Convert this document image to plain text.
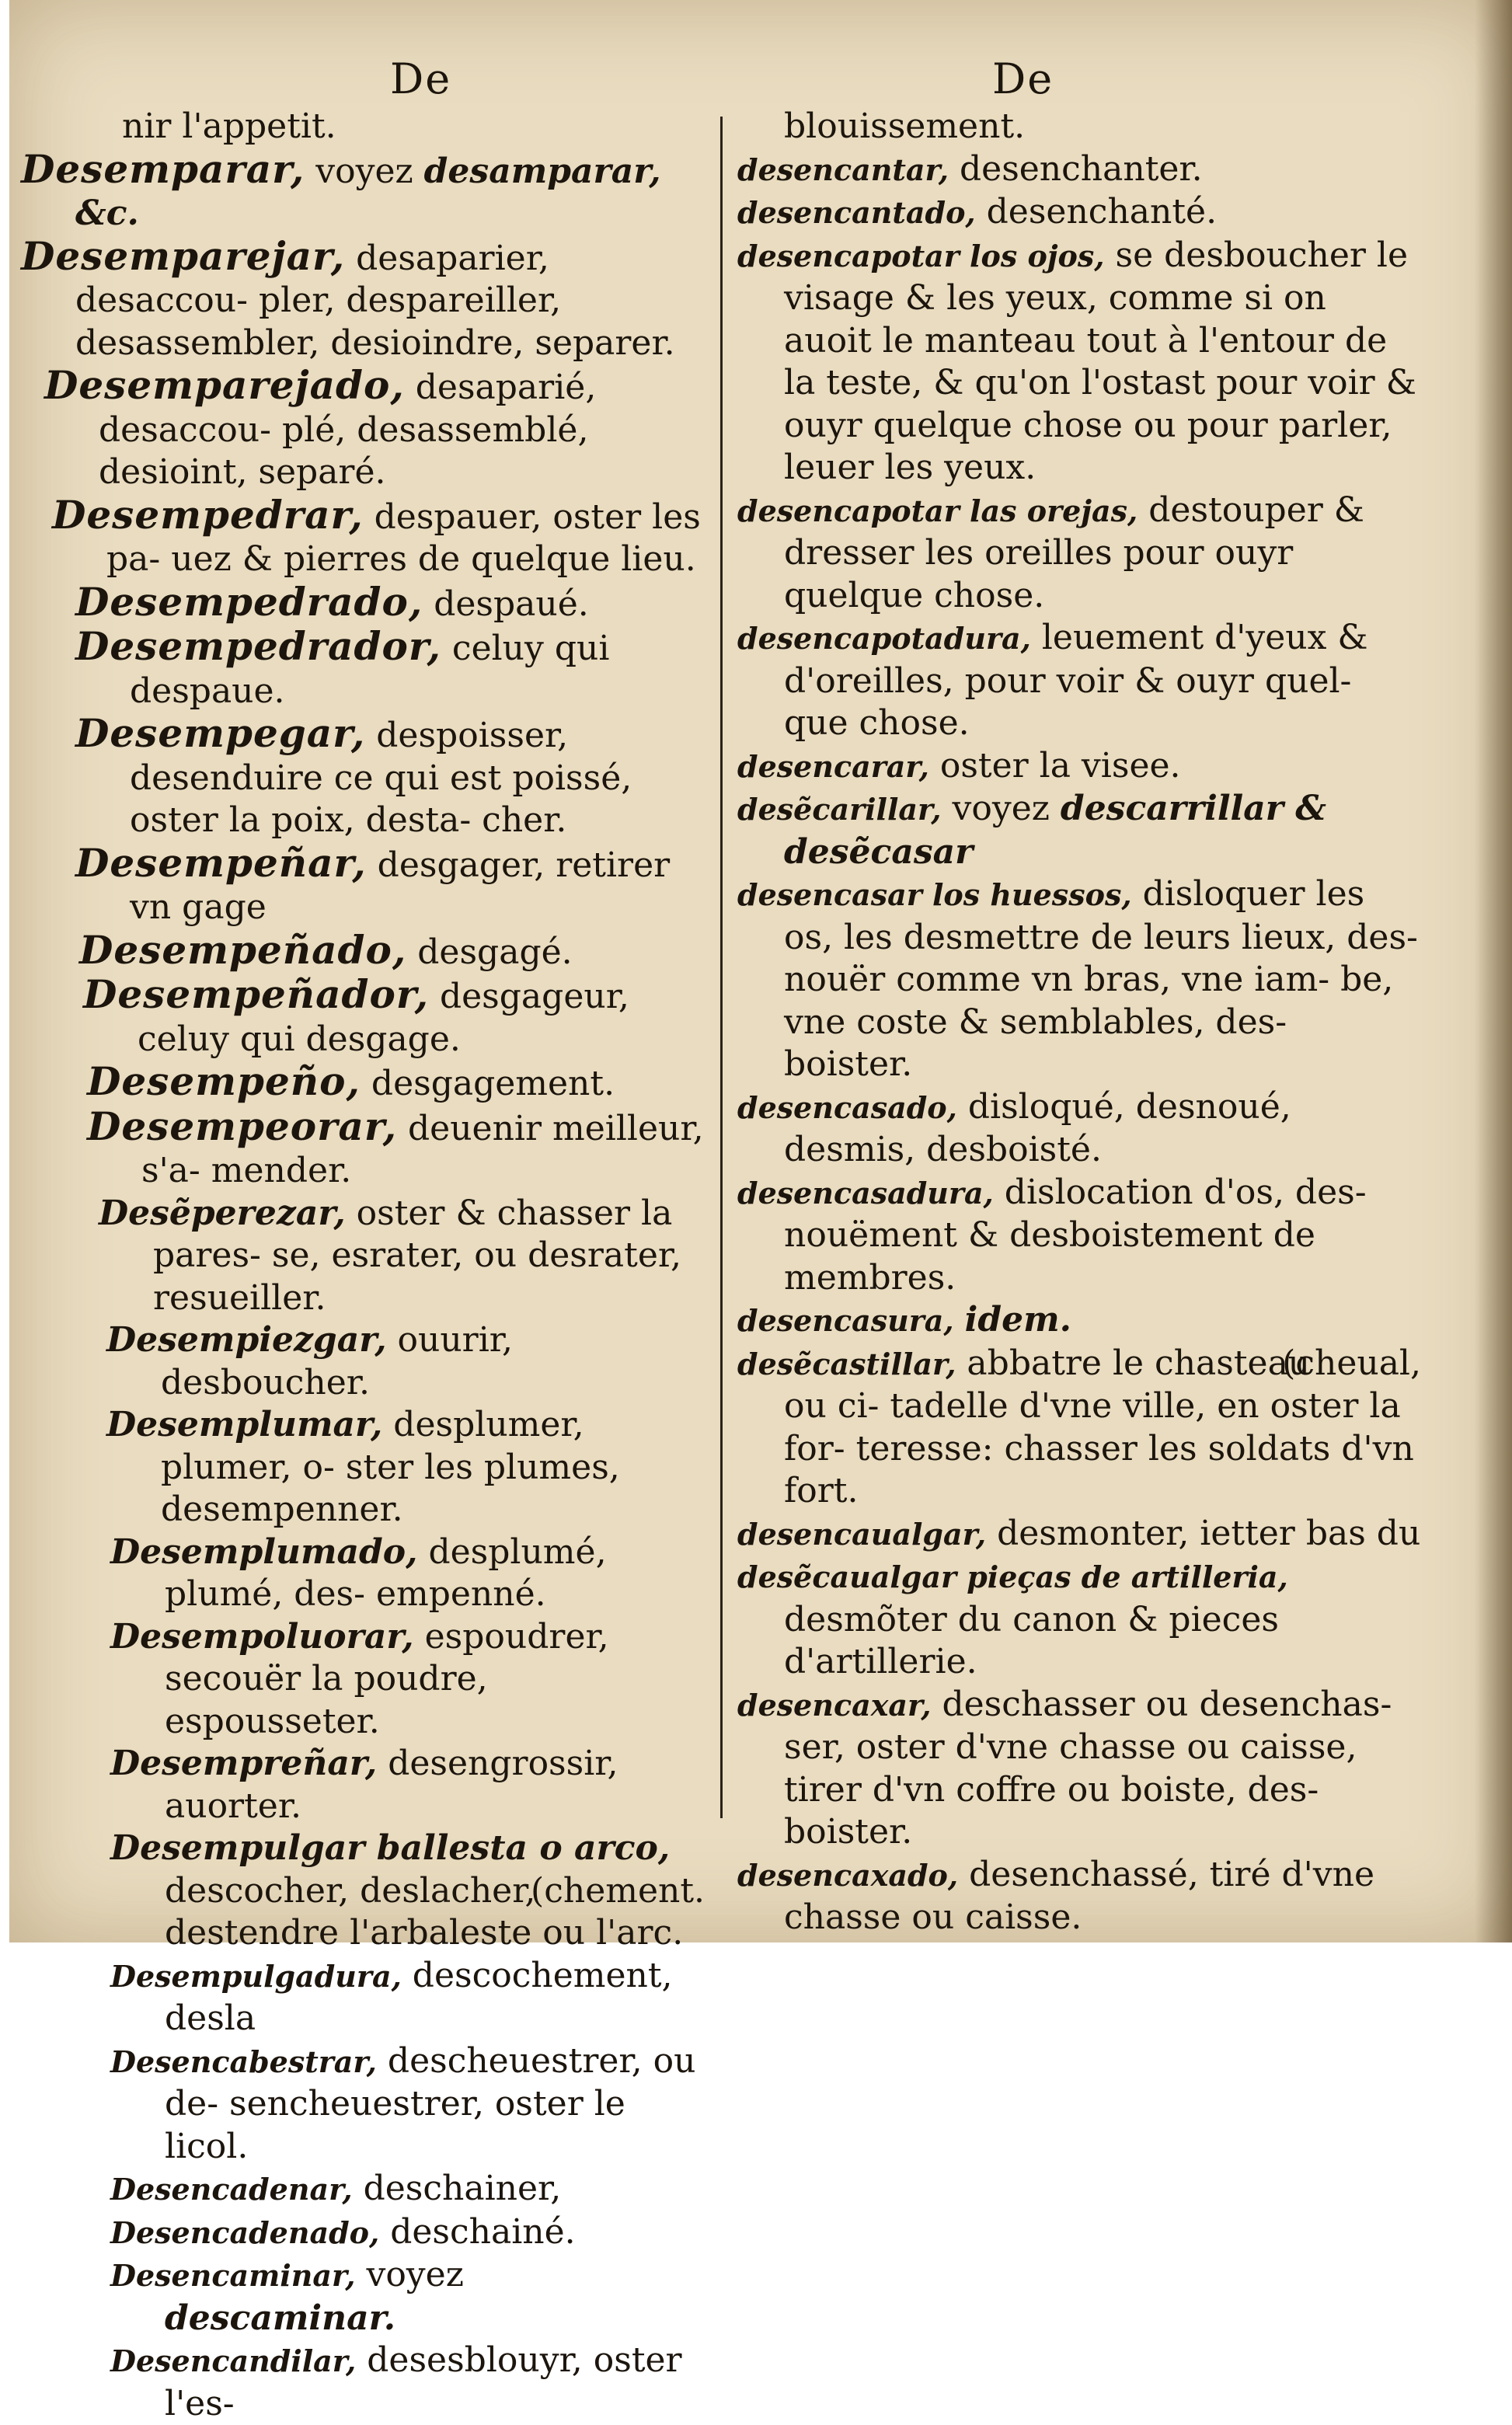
De	De

nir l'appetit.

Desemparar, voyez desamparar, &c.

Desemparejar, desaparier, desaccou- pler, despareiller, desassembler, desioindre, separer.

Desemparejado, desaparié, desaccou- plé, desassemblé, desioint, separé.

Desempedrar, despauer, oster les pa- uez & pierres de quelque lieu.

Desempedrado, despaué.

Desempedrador, celuy qui despaue.

Desempegar, despoisser, desenduire ce qui est poissé, oster la poix, desta- cher.

Desempeñar, desgager, retirer vn gage

Desempeñado, desgagé.

Desempeñador, desgageur, celuy qui desgage.

Desempeño, desgagement.

Desempeorar, deuenir meilleur, s'a- mender.

Desẽperezar, oster & chasser la pares- se, esrater, ou desrater, resueiller.

Desempiezgar, ouurir, desboucher.

Desemplumar, desplumer, plumer, o- ster les plumes, desempenner.

Desemplumado, desplumé, plumé, des- empenné.

Desempoluorar, espoudrer, secouër la poudre, espousseter.

Desempreñar, desengrossir, auorter.

Desempulgar ballesta o arco,
(chement.
descocher, deslacher, destendre l'arbaleste ou l'arc.

Desempulgadura, descochement, desla

Desencabestrar, descheuestrer, ou de- sencheuestrer, oster le licol.

Desencadenar, deschainer,

Desencadenado, deschainé.

Desencaminar, voyez descaminar.

Desencandilar, desesblouyr, oster l'es-

blouissement.

desencantar, desenchanter.

desencantado, desenchanté.

desencapotar los ojos, se desboucher le visage & les yeux, comme si on auoit le manteau tout à l'entour de la teste, & qu'on l'ostast pour voir & ouyr quelque chose ou pour parler, leuer les yeux.

desencapotar las orejas, destouper & dresser les oreilles pour ouyr quelque chose.

desencapotadura, leuement d'yeux & d'oreilles, pour voir & ouyr quel- que chose.

desencarar, oster la visee.

desẽcarillar, voyez descarrillar & desẽcasar

desencasar los huessos, disloquer les os, les desmettre de leurs lieux, des- nouër comme vn bras, vne iam- be, vne coste & semblables, des- boister.

desencasado, disloqué, desnoué, desmis, desboisté.

desencasadura, dislocation d'os, des- nouëment & desboistement de membres.

desencasura, idem.

desẽcastillar,	(cheual,
abbatre le chasteau ou ci- tadelle d'vne ville, en oster la for- teresse: chasser les soldats d'vn fort.

desencaualgar, desmonter, ietter bas du

desẽcaualgar pieças de artilleria, desmõter du canon & pieces d'artillerie.

desencaxar, deschasser ou desenchas- ser, oster d'vne chasse ou caisse, tirer d'vn coffre ou boiste, des- boister.

desencaxado, desenchassé, tiré d'vne chasse ou caisse.
